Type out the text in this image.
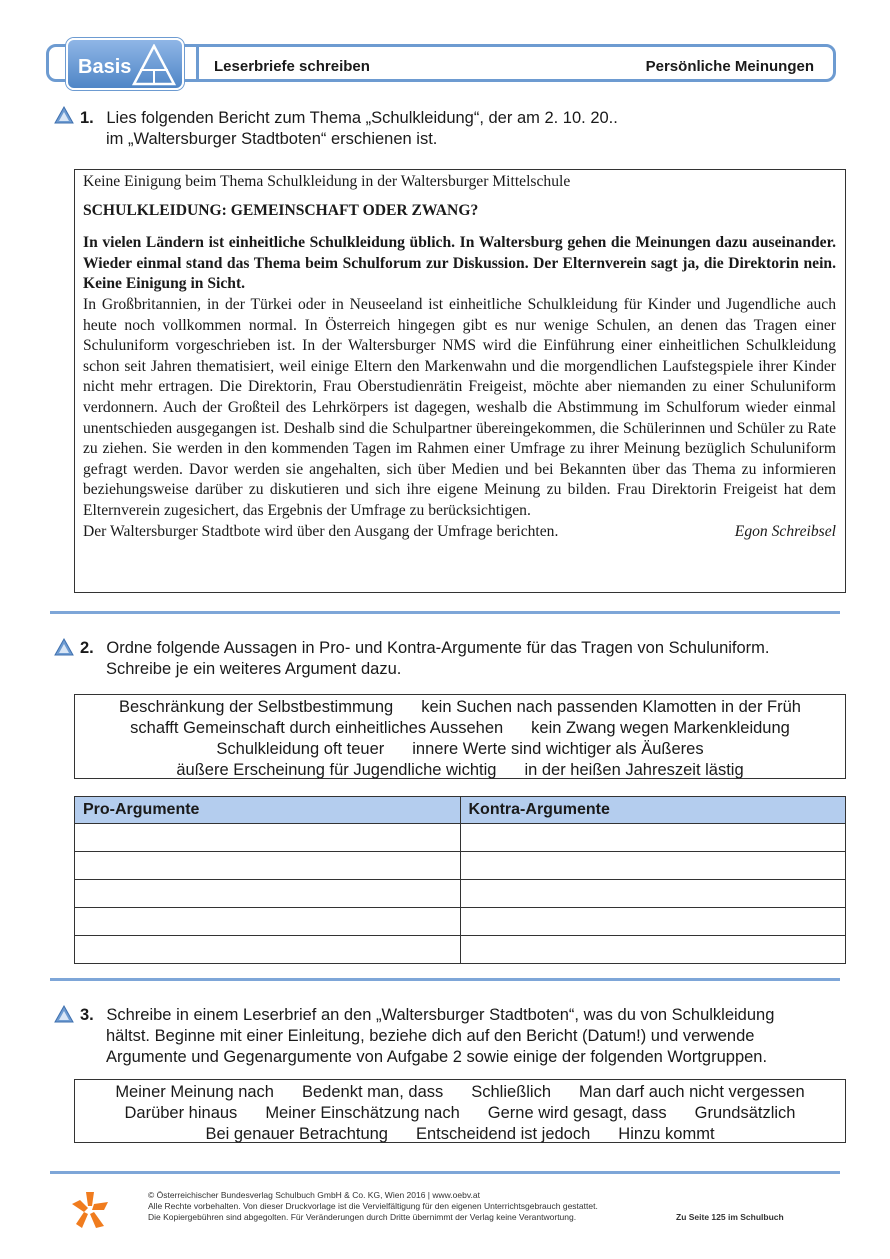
Basis	Leserbriefe schreiben	Persönliche Meinungen
1. Lies folgenden Bericht zum Thema „Schulkleidung“, der am 2. 10. 20..
im „Waltersburger Stadtboten“ erschienen ist.

Keine Einigung beim Thema Schulkleidung in der Waltersburger Mittelschule

SCHULKLEIDUNG: GEMEINSCHAFT ODER ZWANG?

In vielen Ländern ist einheitliche Schulkleidung üblich. In Waltersburg gehen die Meinungen dazu auseinander. Wieder einmal stand das Thema beim Schulforum zur Diskussion. Der Elternverein sagt ja, die Direktorin nein. Keine Einigung in Sicht.

In Großbritannien, in der Türkei oder in Neuseeland ist einheitliche Schulkleidung für Kinder und Jugendliche auch heute noch vollkommen normal. In Österreich hingegen gibt es nur wenige Schulen, an denen das Tragen einer Schuluniform vorgeschrieben ist. In der Waltersburger NMS wird die Einführung einer einheitlichen Schulkleidung schon seit Jahren thematisiert, weil einige Eltern den Markenwahn und die morgendlichen Laufstegspiele ihrer Kinder nicht mehr ertragen. Die Direktorin, Frau Oberstudienrätin Freigeist, möchte aber niemanden zu einer Schuluniform verdonnern. Auch der Großteil des Lehrkörpers ist dagegen, weshalb die Abstimmung im Schulforum wieder einmal unentschieden ausgegangen ist. Deshalb sind die Schulpartner übereingekommen, die Schülerinnen und Schüler zu Rate zu ziehen. Sie werden in den kommenden Tagen im Rahmen einer Umfrage zu ihrer Meinung bezüglich Schuluniform gefragt werden. Davor werden sie angehalten, sich über Medien und bei Bekannten über das Thema zu informieren beziehungsweise darüber zu diskutieren und sich ihre eigene Meinung zu bilden. Frau Direktorin Freigeist hat dem Elternverein zugesichert, das Ergebnis der Umfrage zu berücksichtigen.

Der Waltersburger Stadtbote wird über den Ausgang der Umfrage berichten.	Egon Schreibsel

2. Ordne folgende Aussagen in Pro- und Kontra-Argumente für das Tragen von Schuluniform.
Schreibe je ein weiteres Argument dazu.
Beschränkung der Selbstbestimmung kein Suchen nach passenden Klamotten in der Früh
schafft Gemeinschaft durch einheitliches Aussehen kein Zwang wegen Markenkleidung
Schulkleidung oft teuer innere Werte sind wichtiger als Äußeres
äußere Erscheinung für Jugendliche wichtig in der heißen Jahreszeit lästig
Pro-Argumente	Kontra-Argumente

3. Schreibe in einem Leserbrief an den „Waltersburger Stadtboten“, was du von Schulkleidung
hältst. Beginne mit einer Einleitung, beziehe dich auf den Bericht (Datum!) und verwende
Argumente und Gegenargumente von Aufgabe 2 sowie einige der folgenden Wortgruppen.
Meiner Meinung nach Bedenkt man, dass Schließlich Man darf auch nicht vergessen
Darüber hinaus Meiner Einschätzung nach Gerne wird gesagt, dass Grundsätzlich
Bei genauer Betrachtung Entscheidend ist jedoch Hinzu kommt
© Österreichischer Bundesverlag Schulbuch GmbH & Co. KG, Wien 2016 | www.oebv.at
Alle Rechte vorbehalten. Von dieser Druckvorlage ist die Vervielfältigung für den eigenen Unterrichtsgebrauch gestattet.
Die Kopiergebühren sind abgegolten. Für Veränderungen durch Dritte übernimmt der Verlag keine Verantwortung.	Zu Seite 125 im Schulbuch
